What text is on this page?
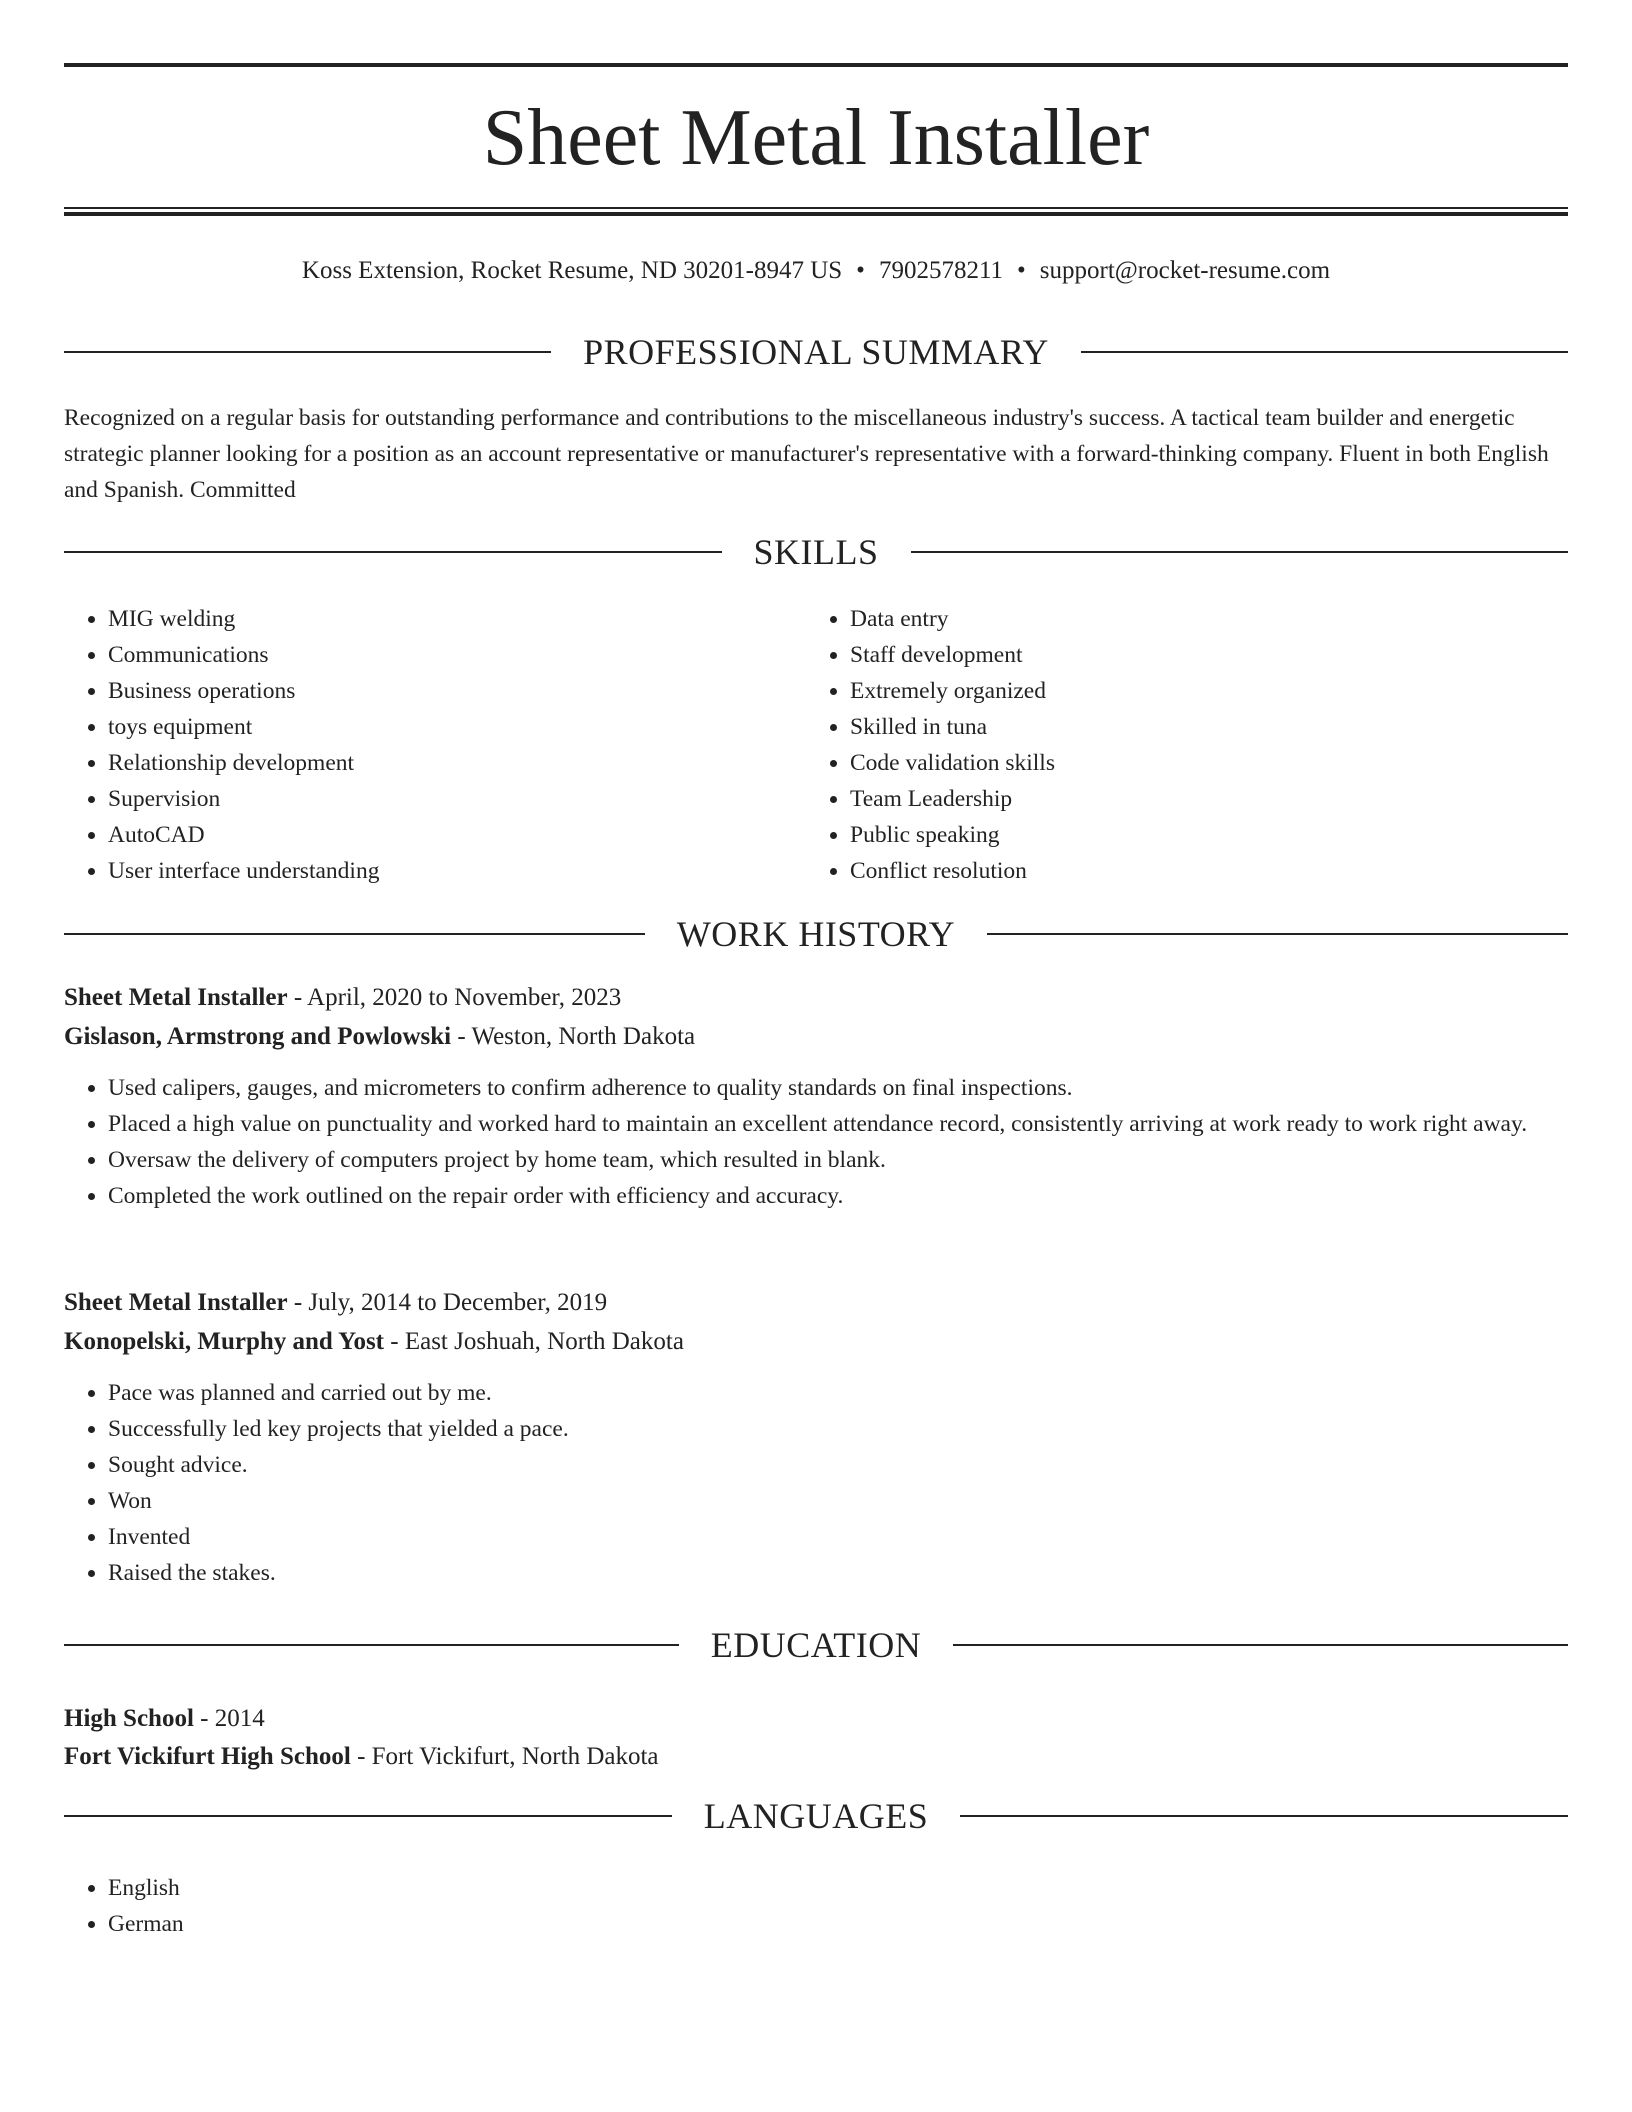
Sheet Metal Installer
Koss Extension, Rocket Resume, ND 30201-8947 US • 7902578211 • support@rocket-resume.com
PROFESSIONAL SUMMARY

Recognized on a regular basis for outstanding performance and contributions to the miscellaneous industry's success. A tactical team builder and energetic strategic planner looking for a position as an account representative or manufacturer's representative with a forward-thinking company. Fluent in both English and Spanish. Committed

SKILLS
• MIG welding
• Communications
• Business operations
• toys equipment
• Relationship development
• Supervision
• AutoCAD
• User interface understanding
• Data entry
• Staff development
• Extremely organized
• Skilled in tuna
• Code validation skills
• Team Leadership
• Public speaking
• Conflict resolution
WORK HISTORY
Sheet Metal Installer - April, 2020 to November, 2023
Gislason, Armstrong and Powlowski - Weston, North Dakota
• Used calipers, gauges, and micrometers to confirm adherence to quality standards on final inspections.
• Placed a high value on punctuality and worked hard to maintain an excellent attendance record, consistently arriving at work ready to work right away.
• Oversaw the delivery of computers project by home team, which resulted in blank.
• Completed the work outlined on the repair order with efficiency and accuracy.
Sheet Metal Installer - July, 2014 to December, 2019
Konopelski, Murphy and Yost - East Joshuah, North Dakota
• Pace was planned and carried out by me.
• Successfully led key projects that yielded a pace.
• Sought advice.
• Won
• Invented
• Raised the stakes.
EDUCATION
High School - 2014
Fort Vickifurt High School - Fort Vickifurt, North Dakota
LANGUAGES
• English
• German
